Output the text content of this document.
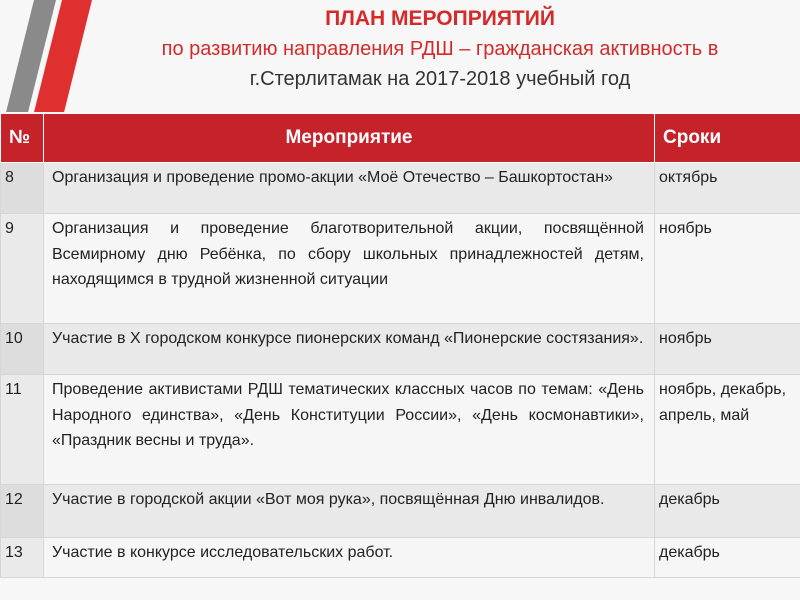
ПЛАН МЕРОПРИЯТИЙ
по развитию направления РДШ – гражданская активность в
г.Стерлитамак на 2017-2018 учебный год
№	Мероприятие	Сроки
8	Организация и проведение промо-акции «Моё Отечество – Башкортостан»	октябрь
9	Организация и проведение благотворительной акции, посвящённой Всемирному дню Ребёнка, по сбору школьных принадлежностей детям, находящимся в трудной жизненной ситуации	ноябрь
10	Участие в X городском конкурсе пионерских команд «Пионерские состязания».	ноябрь
11	Проведение активистами РДШ тематических классных часов по темам: «День Народного единства», «День Конституции России», «День космонавтики», «Праздник весны и труда».	ноябрь, декабрь, апрель, май
12	Участие в городской акции «Вот моя рука», посвящённая Дню инвалидов.	декабрь
13	Участие в конкурсе исследовательских работ.	декабрь
